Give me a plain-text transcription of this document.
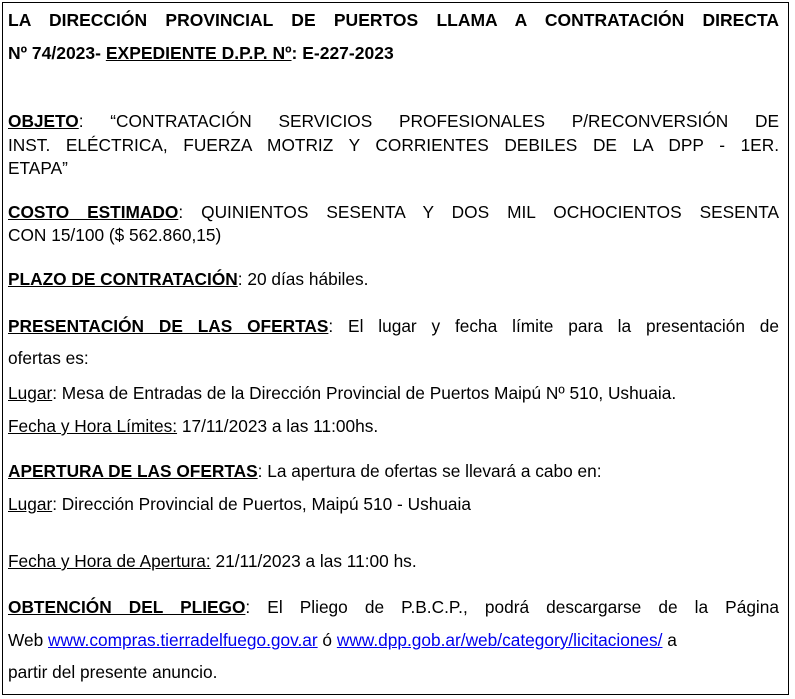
LA DIRECCIÓN PROVINCIAL DE PUERTOS LLAMA A CONTRATACIÓN DIRECTA

Nº 74/2023- EXPEDIENTE D.P.P. Nº: E-227-2023

OBJETO: “CONTRATACIÓN SERVICIOS PROFESIONALES P/RECONVERSIÓN DE

INST. ELÉCTRICA, FUERZA MOTRIZ Y CORRIENTES DEBILES DE LA DPP - 1ER.

ETAPA”

COSTO ESTIMADO: QUINIENTOS SESENTA Y DOS MIL OCHOCIENTOS SESENTA

CON 15/100 ($ 562.860,15)

PLAZO DE CONTRATACIÓN: 20 días hábiles.

PRESENTACIÓN DE LAS OFERTAS: El lugar y fecha límite para la presentación de

ofertas es:

Lugar: Mesa de Entradas de la Dirección Provincial de Puertos Maipú Nº 510, Ushuaia.

Fecha y Hora Límites: 17/11/2023 a las 11:00hs.

APERTURA DE LAS OFERTAS: La apertura de ofertas se llevará a cabo en:

Lugar: Dirección Provincial de Puertos, Maipú 510 - Ushuaia

Fecha y Hora de Apertura: 21/11/2023 a las 11:00 hs.

OBTENCIÓN DEL PLIEGO: El Pliego de P.B.C.P., podrá descargarse de la Página

Web www.compras.tierradelfuego.gov.ar ó www.dpp.gob.ar/web/category/licitaciones/ a

partir del presente anuncio.
